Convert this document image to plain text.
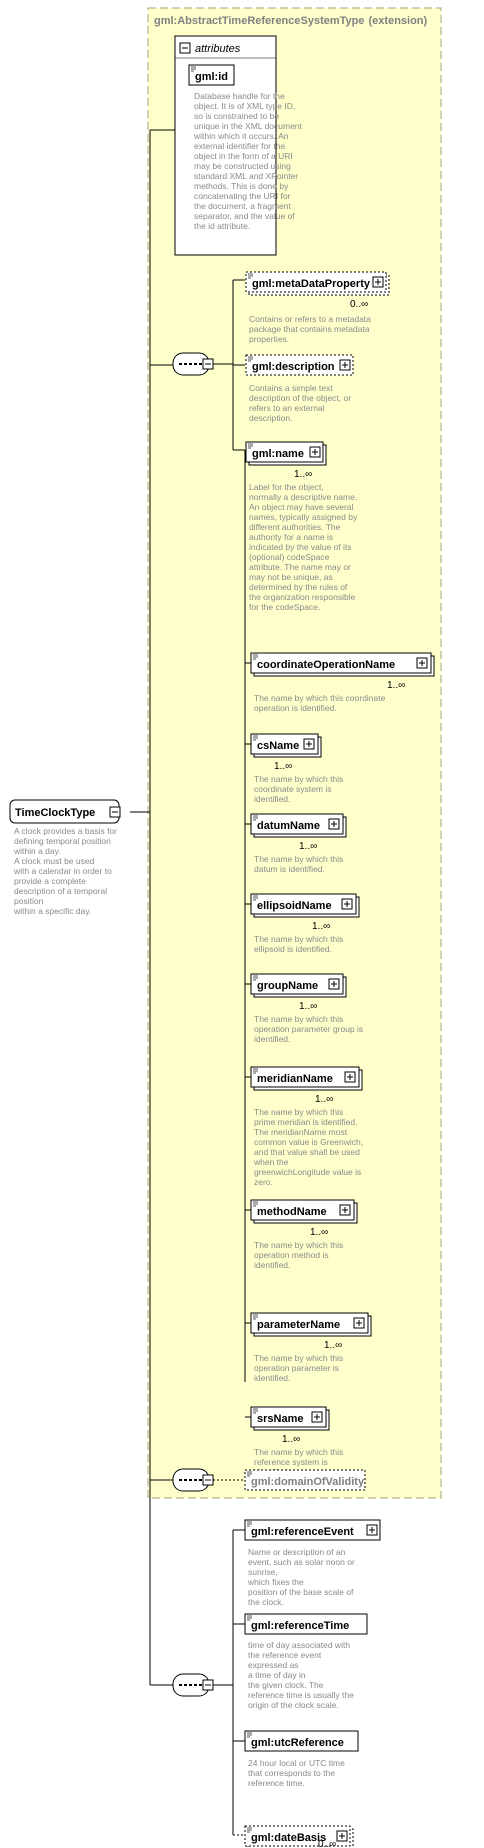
gml:AbstractTimeReferenceSystemType (extension)
attributes
gml:id
Database handle for the
object. It is of XML type ID,
so is constrained to be
unique in the XML document
within which it occurs. An
external identifier for the
object in the form of a URI
may be constructed using
standard XML and XPointer
methods. This is done by
concatenating the URI for
the document, a fragment
separator, and the value of
the id attribute.
TimeClockType
A clock provides a basis for
defining temporal position
within a day.
A clock must be used
with a calendar in order to
provide a complete
description of a temporal
position
within a specific day.
gml:metaDataProperty
0..∞
Contains or refers to a metadata
package that contains metadata
properties.
gml:description
Contains a simple text
description of the object, or
refers to an external
description.
gml:name
1..∞
Label for the object,
normally a descriptive name.
An object may have several
names, typically assigned by
different authorities. The
authority for a name is
indicated by the value of its
(optional) codeSpace
attribute. The name may or
may not be unique, as
determined by the rules of
the organization responsible
for the codeSpace.
coordinateOperationName
1..∞
The name by which this coordinate
operation is identified.
csName
1..∞
The name by which this
coordinate system is
identified.
datumName
1..∞
The name by which this
datum is identified.
ellipsoidName
1..∞
The name by which this
ellipsoid is identified.
groupName
1..∞
The name by which this
operation parameter group is
identified.
meridianName
1..∞
The name by which this
prime meridian is identified.
The meridianName most
common value is Greenwich,
and that value shall be used
when the
greenwichLongitude value is
zero.
methodName
1..∞
The name by which this
operation method is
identified.
parameterName
1..∞
The name by which this
operation parameter is
identified.
srsName
1..∞
The name by which this
reference system is
gml:domainOfValidity
gml:referenceEvent
Name or description of an
event, such as solar noon or
sunrise,
which fixes the
position of the base scale of
the clock.
gml:referenceTime
time of day associated with
the reference event
expressed as
a time of day in
the given clock. The
reference time is usually the
origin of the clock scale.
gml:utcReference
24 hour local or UTC time
that corresponds to the
reference time.
gml:dateBasis
0..∞
